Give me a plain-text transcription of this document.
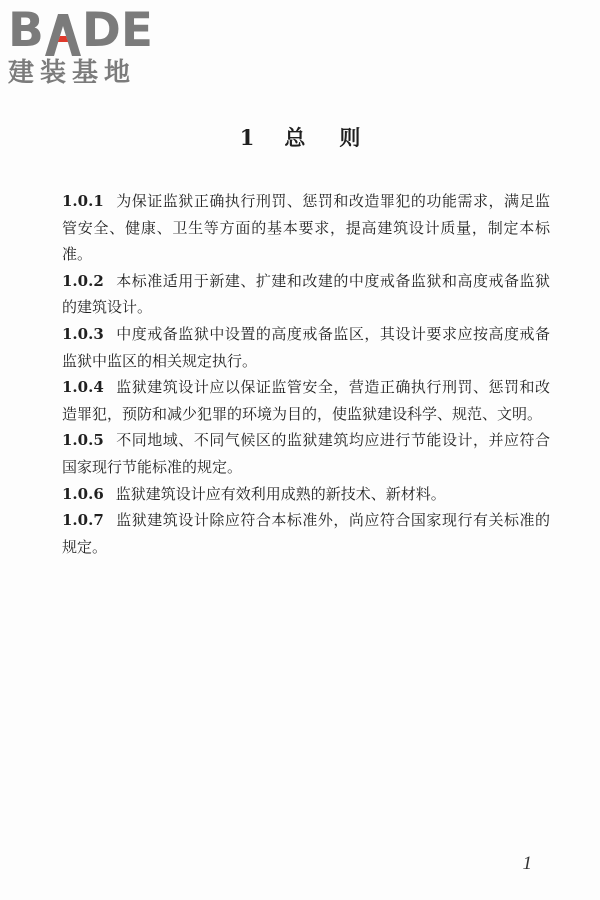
B DE
建装基地
1 总 则
1.0.1 为保证监狱正确执行刑罚、惩罚和改造罪犯的功能需求，满足监管安全、健康、卫生等方面的基本要求，提高建筑设计质量，制定本标准。
1.0.2 本标准适用于新建、扩建和改建的中度戒备监狱和高度戒备监狱的建筑设计。
1.0.3 中度戒备监狱中设置的高度戒备监区，其设计要求应按高度戒备监狱中监区的相关规定执行。
1.0.4 监狱建筑设计应以保证监管安全，营造正确执行刑罚、惩罚和改造罪犯，预防和减少犯罪的环境为目的，使监狱建设科学、规范、文明。
1.0.5 不同地域、不同气候区的监狱建筑均应进行节能设计，并应符合国家现行节能标准的规定。
1.0.6 监狱建筑设计应有效利用成熟的新技术、新材料。
1.0.7 监狱建筑设计除应符合本标准外，尚应符合国家现行有关标准的规定。
1
